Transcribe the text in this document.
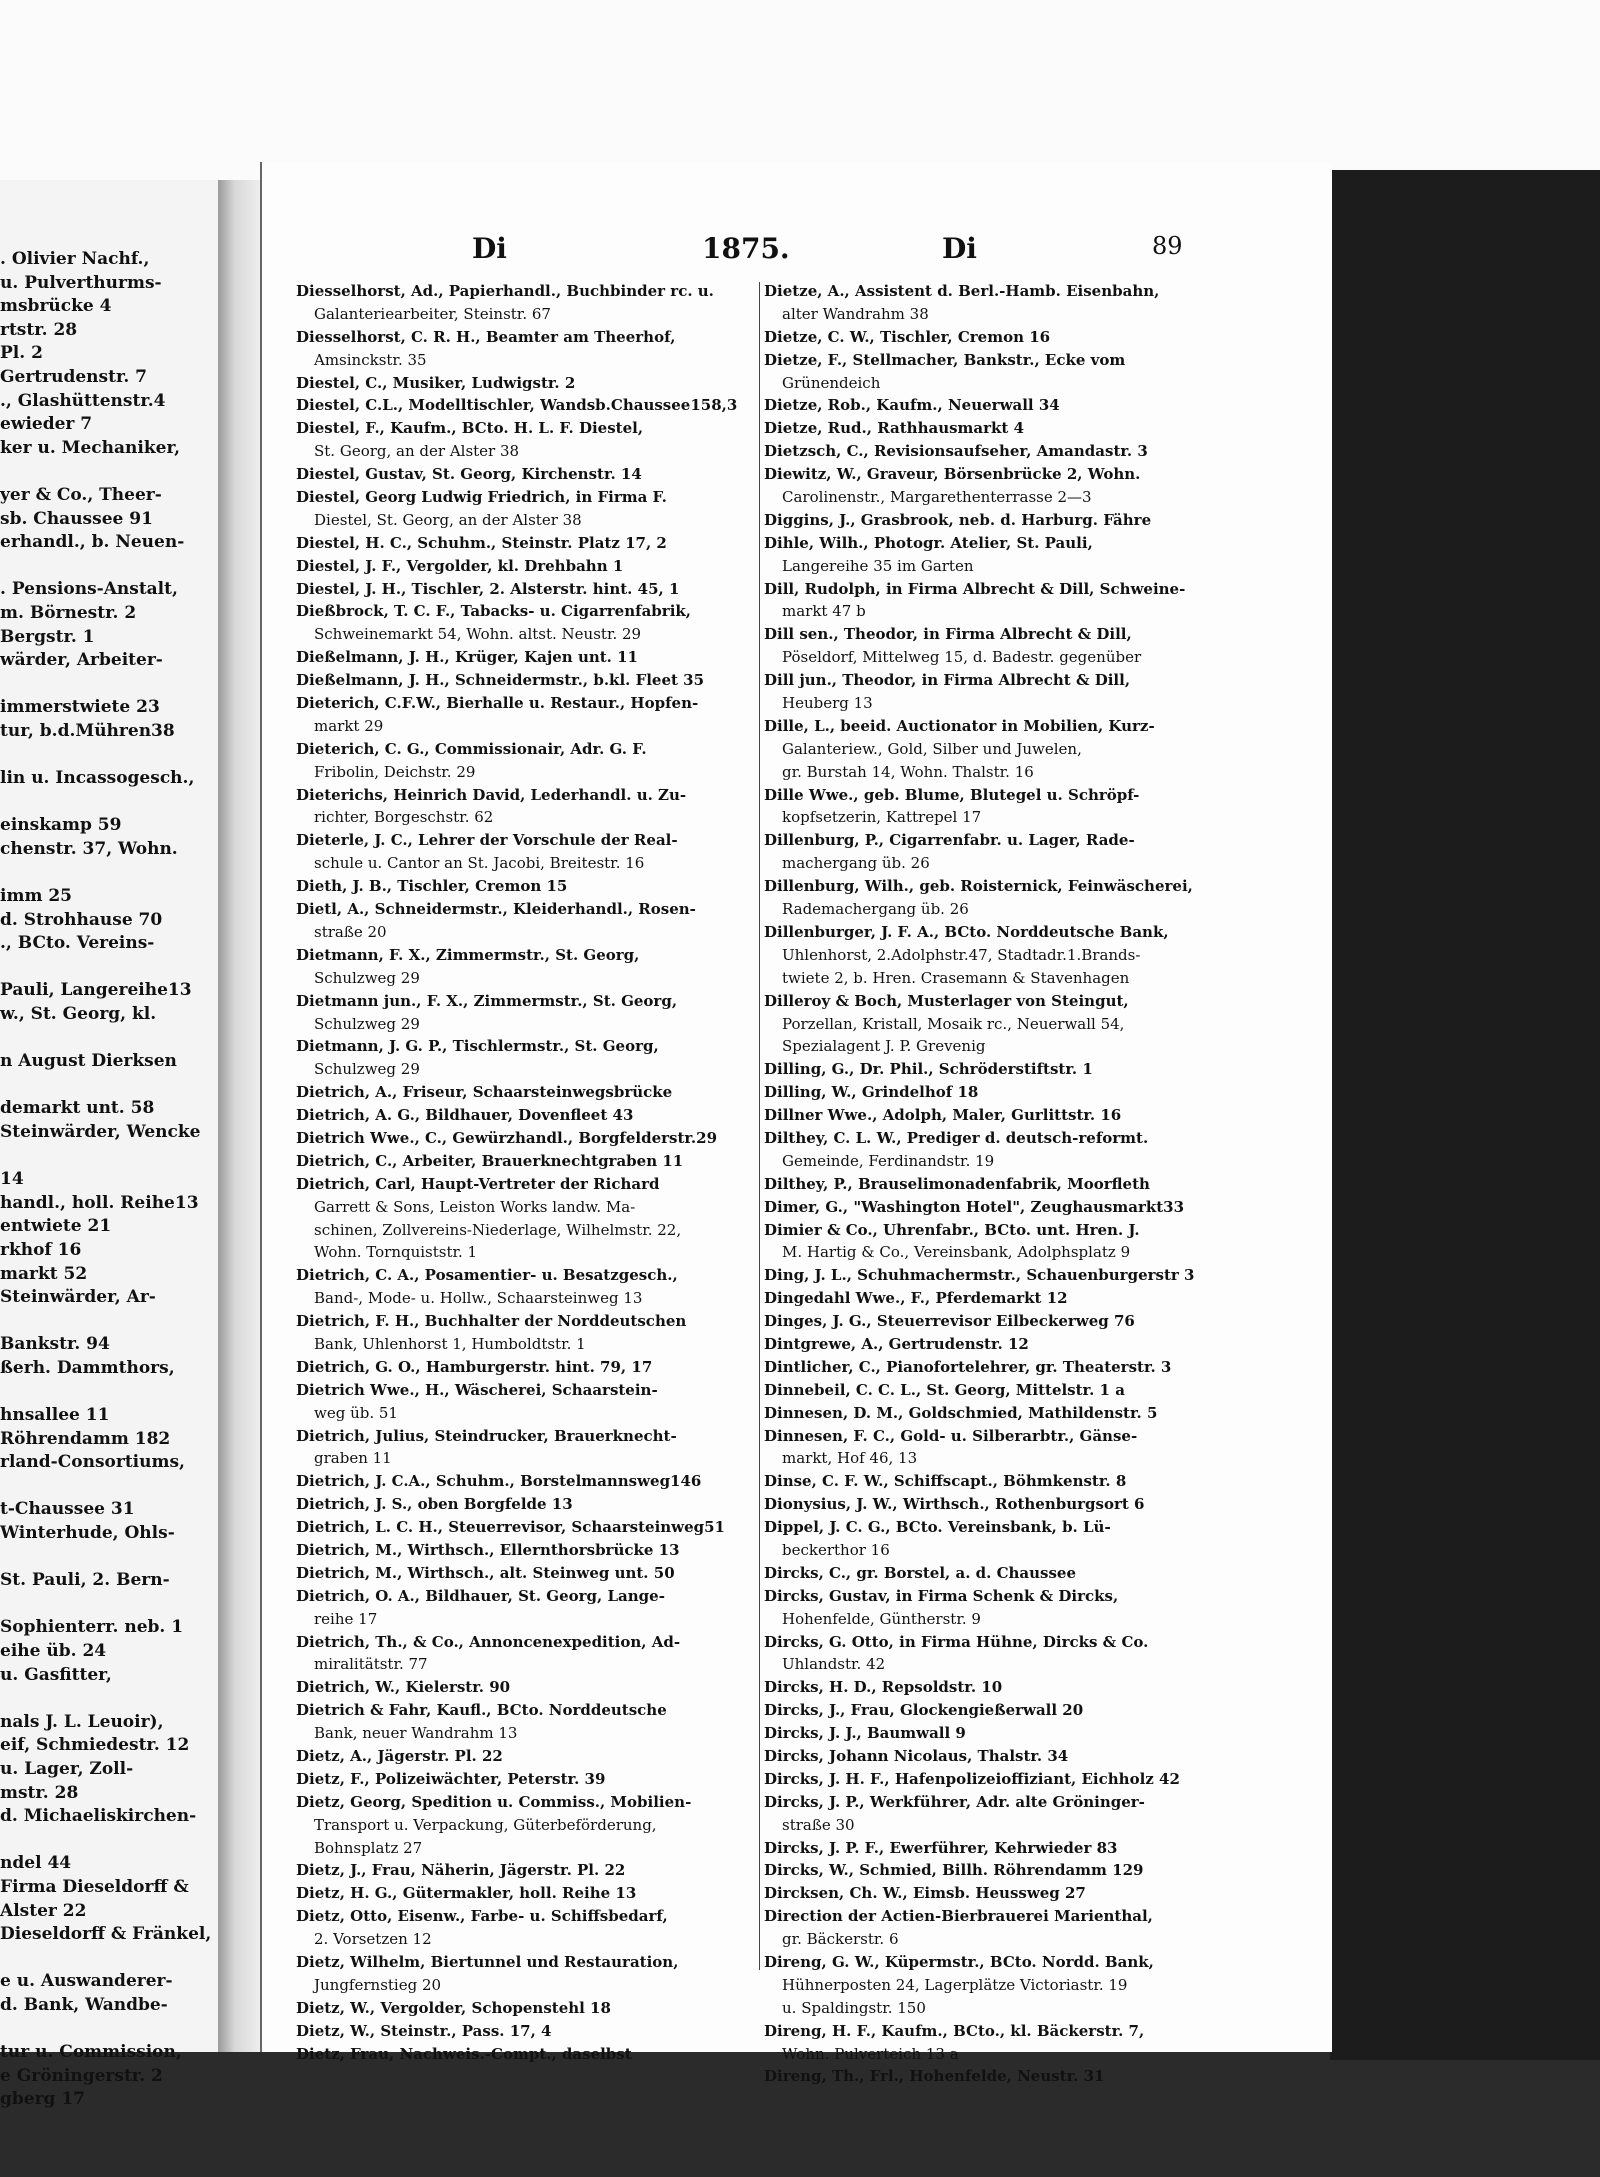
. Olivier Nachf.,
u. Pulverthurms-
msbrücke 4
rtstr. 28
Pl. 2
Gertrudenstr. 7
., Glashüttenstr.4
ewieder 7
ker u. Mechaniker,
yer & Co., Theer-
sb. Chaussee 91
erhandl., b. Neuen-
. Pensions-Anstalt,
m. Börnestr. 2
Bergstr. 1
wärder, Arbeiter-
immerstwiete 23
tur, b.d.Mühren38
lin u. Incassogesch.,
einskamp 59
chenstr. 37, Wohn.
imm 25
d. Strohhause 70
., BCto. Vereins-
Pauli, Langereihe13
w., St. Georg, kl.
n August Dierksen
demarkt unt. 58
Steinwärder, Wencke
14
handl., holl. Reihe13
entwiete 21
rkhof 16
markt 52
Steinwärder, Ar-
Bankstr. 94
ßerh. Dammthors,
hnsallee 11
Röhrendamm 182
rland-Consortiums,
t-Chaussee 31
Winterhude, Ohls-
St. Pauli, 2. Bern-
Sophienterr. neb. 1
eihe üb. 24
u. Gasfitter,
nals J. L. Leuoir),
eif, Schmiedestr. 12
u. Lager, Zoll-
mstr. 28
d. Michaeliskirchen-
ndel 44
Firma Dieseldorff &
Alster 22
Dieseldorff & Fränkel,
e u. Auswanderer-
d. Bank, Wandbe-
tur u. Commission,
e Gröningerstr. 2
gberg 17
Di	1875.	Di	89
Diesselhorst, Ad., Papierhandl., Buchbinder rc. u.
Galanteriearbeiter, Steinstr. 67
Diesselhorst, C. R. H., Beamter am Theerhof,
Amsinckstr. 35
Diestel, C., Musiker, Ludwigstr. 2
Diestel, C.L., Modelltischler, Wandsb.Chaussee158,3
Diestel, F., Kaufm., BCto. H. L. F. Diestel,
St. Georg, an der Alster 38
Diestel, Gustav, St. Georg, Kirchenstr. 14
Diestel, Georg Ludwig Friedrich, in Firma F.
Diestel, St. Georg, an der Alster 38
Diestel, H. C., Schuhm., Steinstr. Platz 17, 2
Diestel, J. F., Vergolder, kl. Drehbahn 1
Diestel, J. H., Tischler, 2. Alsterstr. hint. 45, 1
Dießbrock, T. C. F., Tabacks- u. Cigarrenfabrik,
Schweinemarkt 54, Wohn. altst. Neustr. 29
Dießelmann, J. H., Krüger, Kajen unt. 11
Dießelmann, J. H., Schneidermstr., b.kl. Fleet 35
Dieterich, C.F.W., Bierhalle u. Restaur., Hopfen-
markt 29
Dieterich, C. G., Commissionair, Adr. G. F.
Fribolin, Deichstr. 29
Dieterichs, Heinrich David, Lederhandl. u. Zu-
richter, Borgeschstr. 62
Dieterle, J. C., Lehrer der Vorschule der Real-
schule u. Cantor an St. Jacobi, Breitestr. 16
Dieth, J. B., Tischler, Cremon 15
Dietl, A., Schneidermstr., Kleiderhandl., Rosen-
straße 20
Dietmann, F. X., Zimmermstr., St. Georg,
Schulzweg 29
Dietmann jun., F. X., Zimmermstr., St. Georg,
Schulzweg 29
Dietmann, J. G. P., Tischlermstr., St. Georg,
Schulzweg 29
Dietrich, A., Friseur, Schaarsteinwegsbrücke
Dietrich, A. G., Bildhauer, Dovenfleet 43
Dietrich Wwe., C., Gewürzhandl., Borgfelderstr.29
Dietrich, C., Arbeiter, Brauerknechtgraben 11
Dietrich, Carl, Haupt-Vertreter der Richard
Garrett & Sons, Leiston Works landw. Ma-
schinen, Zollvereins-Niederlage, Wilhelmstr. 22,
Wohn. Tornquiststr. 1
Dietrich, C. A., Posamentier- u. Besatzgesch.,
Band-, Mode- u. Hollw., Schaarsteinweg 13
Dietrich, F. H., Buchhalter der Norddeutschen
Bank, Uhlenhorst 1, Humboldtstr. 1
Dietrich, G. O., Hamburgerstr. hint. 79, 17
Dietrich Wwe., H., Wäscherei, Schaarstein-
weg üb. 51
Dietrich, Julius, Steindrucker, Brauerknecht-
graben 11
Dietrich, J. C.A., Schuhm., Borstelmannsweg146
Dietrich, J. S., oben Borgfelde 13
Dietrich, L. C. H., Steuerrevisor, Schaarsteinweg51
Dietrich, M., Wirthsch., Ellernthorsbrücke 13
Dietrich, M., Wirthsch., alt. Steinweg unt. 50
Dietrich, O. A., Bildhauer, St. Georg, Lange-
reihe 17
Dietrich, Th., & Co., Annoncenexpedition, Ad-
miralitätstr. 77
Dietrich, W., Kielerstr. 90
Dietrich & Fahr, Kaufl., BCto. Norddeutsche
Bank, neuer Wandrahm 13
Dietz, A., Jägerstr. Pl. 22
Dietz, F., Polizeiwächter, Peterstr. 39
Dietz, Georg, Spedition u. Commiss., Mobilien-
Transport u. Verpackung, Güterbeförderung,
Bohnsplatz 27
Dietz, J., Frau, Näherin, Jägerstr. Pl. 22
Dietz, H. G., Gütermakler, holl. Reihe 13
Dietz, Otto, Eisenw., Farbe- u. Schiffsbedarf,
2. Vorsetzen 12
Dietz, Wilhelm, Biertunnel und Restauration,
Jungfernstieg 20
Dietz, W., Vergolder, Schopenstehl 18
Dietz, W., Steinstr., Pass. 17, 4
Dietz, Frau, Nachweis.-Compt., daselbst
Dietze, A., Assistent d. Berl.-Hamb. Eisenbahn,
alter Wandrahm 38
Dietze, C. W., Tischler, Cremon 16
Dietze, F., Stellmacher, Bankstr., Ecke vom
Grünendeich
Dietze, Rob., Kaufm., Neuerwall 34
Dietze, Rud., Rathhausmarkt 4
Dietzsch, C., Revisionsaufseher, Amandastr. 3
Diewitz, W., Graveur, Börsenbrücke 2, Wohn.
Carolinenstr., Margarethenterrasse 2—3
Diggins, J., Grasbrook, neb. d. Harburg. Fähre
Dihle, Wilh., Photogr. Atelier, St. Pauli,
Langereihe 35 im Garten
Dill, Rudolph, in Firma Albrecht & Dill, Schweine-
markt 47 b
Dill sen., Theodor, in Firma Albrecht & Dill,
Pöseldorf, Mittelweg 15, d. Badestr. gegenüber
Dill jun., Theodor, in Firma Albrecht & Dill,
Heuberg 13
Dille, L., beeid. Auctionator in Mobilien, Kurz-
Galanteriew., Gold, Silber und Juwelen,
gr. Burstah 14, Wohn. Thalstr. 16
Dille Wwe., geb. Blume, Blutegel u. Schröpf-
kopfsetzerin, Kattrepel 17
Dillenburg, P., Cigarrenfabr. u. Lager, Rade-
machergang üb. 26
Dillenburg, Wilh., geb. Roisternick, Feinwäscherei,
Rademachergang üb. 26
Dillenburger, J. F. A., BCto. Norddeutsche Bank,
Uhlenhorst, 2.Adolphstr.47, Stadtadr.1.Brands-
twiete 2, b. Hren. Crasemann & Stavenhagen
Dilleroy & Boch, Musterlager von Steingut,
Porzellan, Kristall, Mosaik rc., Neuerwall 54,
Spezialagent J. P. Grevenig
Dilling, G., Dr. Phil., Schröderstiftstr. 1
Dilling, W., Grindelhof 18
Dillner Wwe., Adolph, Maler, Gurlittstr. 16
Dilthey, C. L. W., Prediger d. deutsch-reformt.
Gemeinde, Ferdinandstr. 19
Dilthey, P., Brauselimonadenfabrik, Moorfleth
Dimer, G., "Washington Hotel", Zeughausmarkt33
Dimier & Co., Uhrenfabr., BCto. unt. Hren. J.
M. Hartig & Co., Vereinsbank, Adolphsplatz 9
Ding, J. L., Schuhmachermstr., Schauenburgerstr 3
Dingedahl Wwe., F., Pferdemarkt 12
Dinges, J. G., Steuerrevisor Eilbeckerweg 76
Dintgrewe, A., Gertrudenstr. 12
Dintlicher, C., Pianofortelehrer, gr. Theaterstr. 3
Dinnebeil, C. C. L., St. Georg, Mittelstr. 1 a
Dinnesen, D. M., Goldschmied, Mathildenstr. 5
Dinnesen, F. C., Gold- u. Silberarbtr., Gänse-
markt, Hof 46, 13
Dinse, C. F. W., Schiffscapt., Böhmkenstr. 8
Dionysius, J. W., Wirthsch., Rothenburgsort 6
Dippel, J. C. G., BCto. Vereinsbank, b. Lü-
beckerthor 16
Dircks, C., gr. Borstel, a. d. Chaussee
Dircks, Gustav, in Firma Schenk & Dircks,
Hohenfelde, Güntherstr. 9
Dircks, G. Otto, in Firma Hühne, Dircks & Co.
Uhlandstr. 42
Dircks, H. D., Repsoldstr. 10
Dircks, J., Frau, Glockengießerwall 20
Dircks, J. J., Baumwall 9
Dircks, Johann Nicolaus, Thalstr. 34
Dircks, J. H. F., Hafenpolizeioffiziant, Eichholz 42
Dircks, J. P., Werkführer, Adr. alte Gröninger-
straße 30
Dircks, J. P. F., Ewerführer, Kehrwieder 83
Dircks, W., Schmied, Billh. Röhrendamm 129
Dircksen, Ch. W., Eimsb. Heussweg 27
Direction der Actien-Bierbrauerei Marienthal,
gr. Bäckerstr. 6
Direng, G. W., Küpermstr., BCto. Nordd. Bank,
Hühnerposten 24, Lagerplätze Victoriastr. 19
u. Spaldingstr. 150
Direng, H. F., Kaufm., BCto., kl. Bäckerstr. 7,
Wohn. Pulverteich 13 a
Direng, Th., Frl., Hohenfelde, Neustr. 31
